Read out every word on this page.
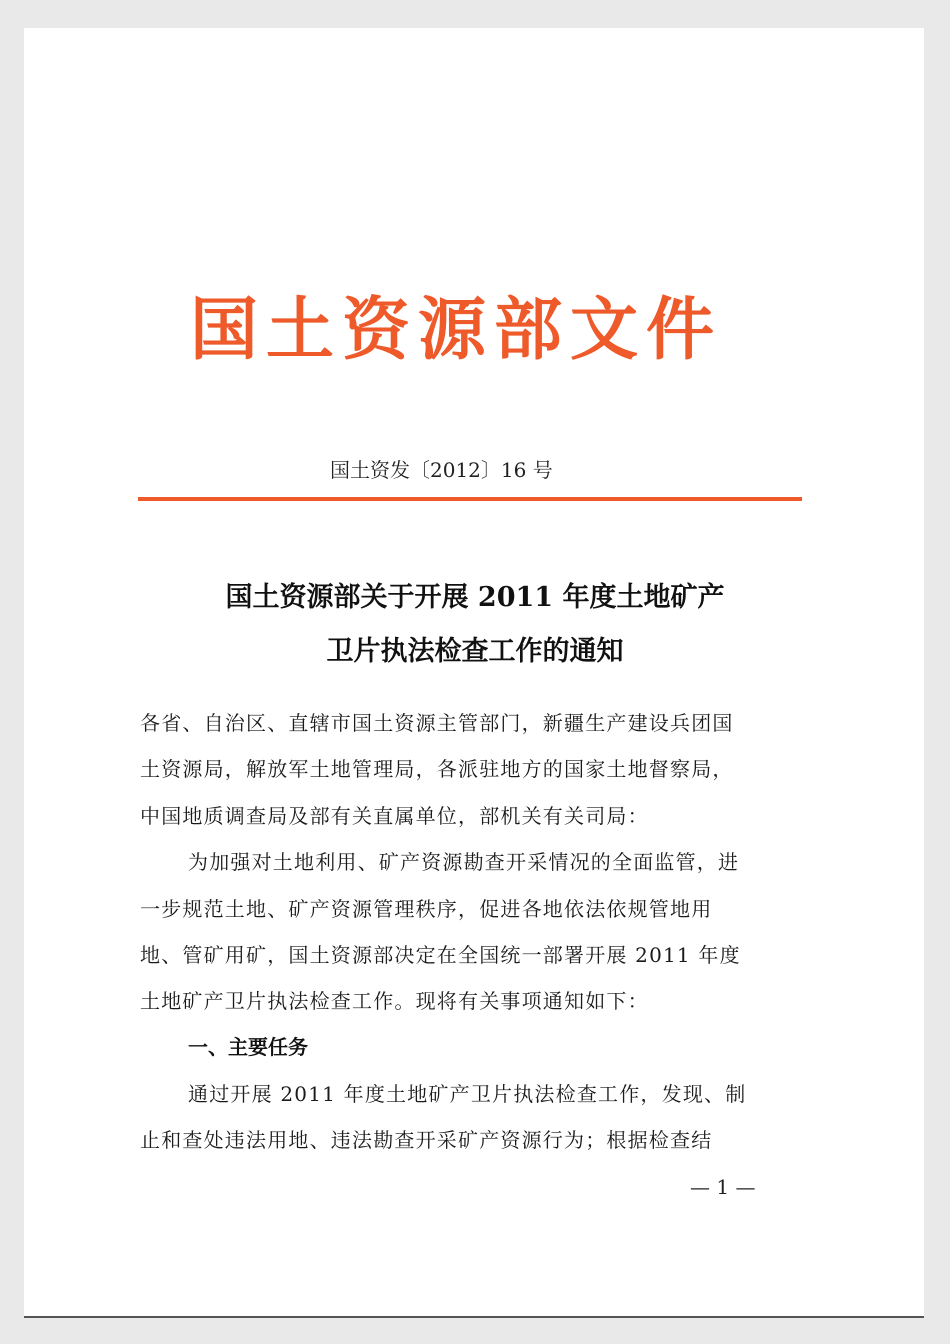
国土资源部文件
国土资发〔2012〕16 号
国土资源部关于开展 2011 年度土地矿产
卫片执法检查工作的通知
各省、自治区、直辖市国土资源主管部门，新疆生产建设兵团国
土资源局，解放军土地管理局，各派驻地方的国家土地督察局，
中国地质调查局及部有关直属单位，部机关有关司局：
为加强对土地利用、矿产资源勘查开采情况的全面监管，进
一步规范土地、矿产资源管理秩序，促进各地依法依规管地用
地、管矿用矿，国土资源部决定在全国统一部署开展 2011 年度
土地矿产卫片执法检查工作。现将有关事项通知如下：
一、主要任务
通过开展 2011 年度土地矿产卫片执法检查工作，发现、制
止和查处违法用地、违法勘查开采矿产资源行为；根据检查结
— 1 —
